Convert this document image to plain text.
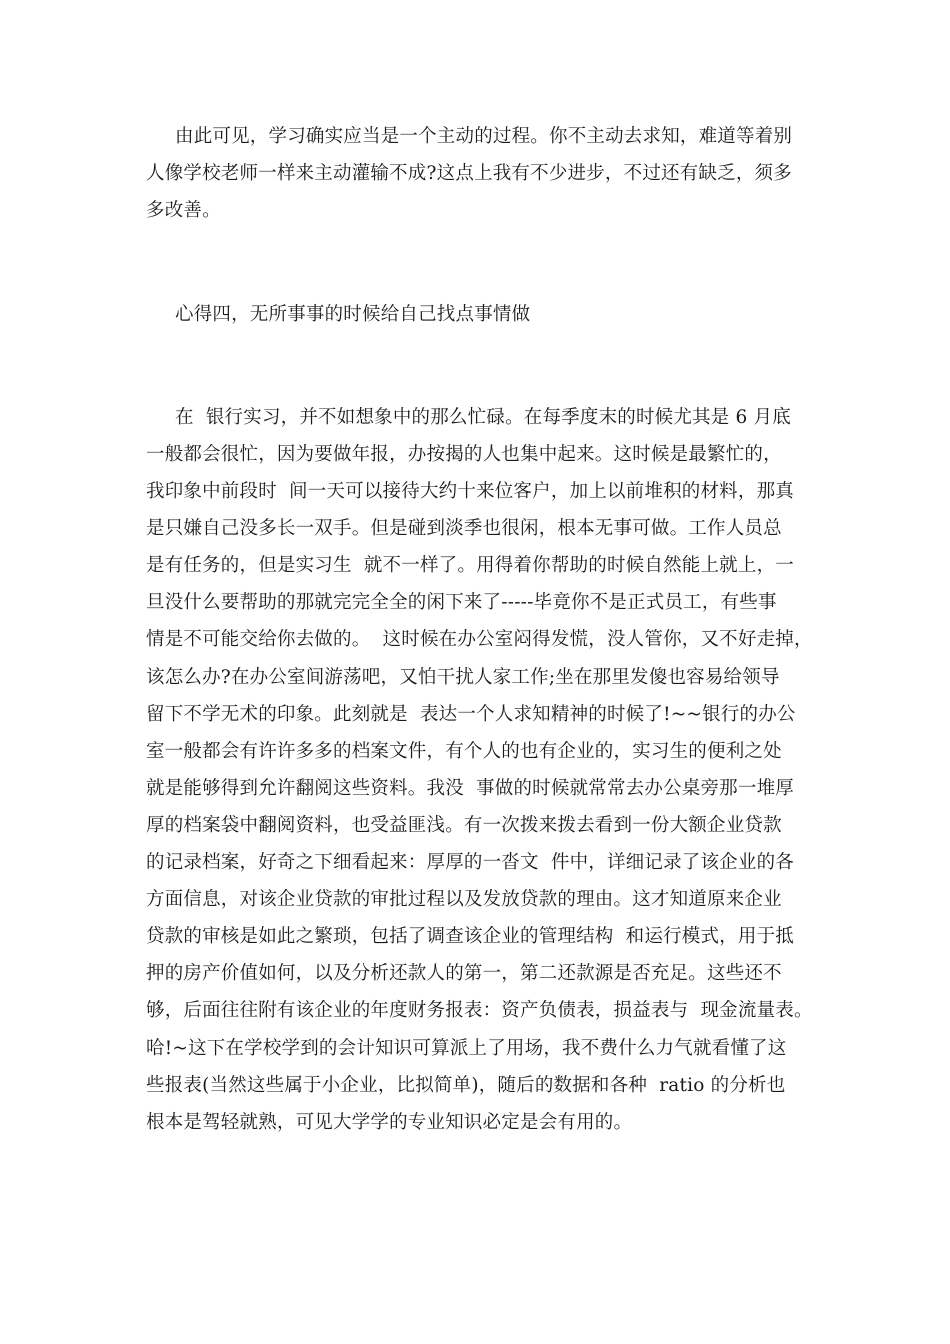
由此可见，学习确实应当是一个主动的过程。你不主动去求知，难道等着别
人像学校老师一样来主动灌输不成?这点上我有不少进步，不过还有缺乏，须多
多改善。
心得四，无所事事的时候给自己找点事情做
在  银行实习，并不如想象中的那么忙碌。在每季度末的时候尤其是 6 月底
一般都会很忙，因为要做年报，办按揭的人也集中起来。这时候是最繁忙的，
我印象中前段时  间一天可以接待大约十来位客户，加上以前堆积的材料，那真
是只嫌自己没多长一双手。但是碰到淡季也很闲，根本无事可做。工作人员总
是有任务的，但是实习生  就不一样了。用得着你帮助的时候自然能上就上，一
旦没什么要帮助的那就完完全全的闲下来了-----毕竟你不是正式员工，有些事
情是不可能交给你去做的。  这时候在办公室闷得发慌，没人管你，又不好走掉，
该怎么办?在办公室间游荡吧，又怕干扰人家工作;坐在那里发傻也容易给领导
留下不学无术的印象。此刻就是  表达一个人求知精神的时候了!~~银行的办公
室一般都会有许许多多的档案文件，有个人的也有企业的，实习生的便利之处
就是能够得到允许翻阅这些资料。我没  事做的时候就常常去办公桌旁那一堆厚
厚的档案袋中翻阅资料，也受益匪浅。有一次拨来拨去看到一份大额企业贷款
的记录档案，好奇之下细看起来：厚厚的一沓文  件中，详细记录了该企业的各
方面信息，对该企业贷款的审批过程以及发放贷款的理由。这才知道原来企业
贷款的审核是如此之繁琐，包括了调查该企业的管理结构  和运行模式，用于抵
押的房产价值如何，以及分析还款人的第一，第二还款源是否充足。这些还不
够，后面往往附有该企业的年度财务报表：资产负债表，损益表与  现金流量表。
哈!~这下在学校学到的会计知识可算派上了用场，我不费什么力气就看懂了这
些报表(当然这些属于小企业，比拟简单)，随后的数据和各种  ratio 的分析也
根本是驾轻就熟，可见大学学的专业知识必定是会有用的。
